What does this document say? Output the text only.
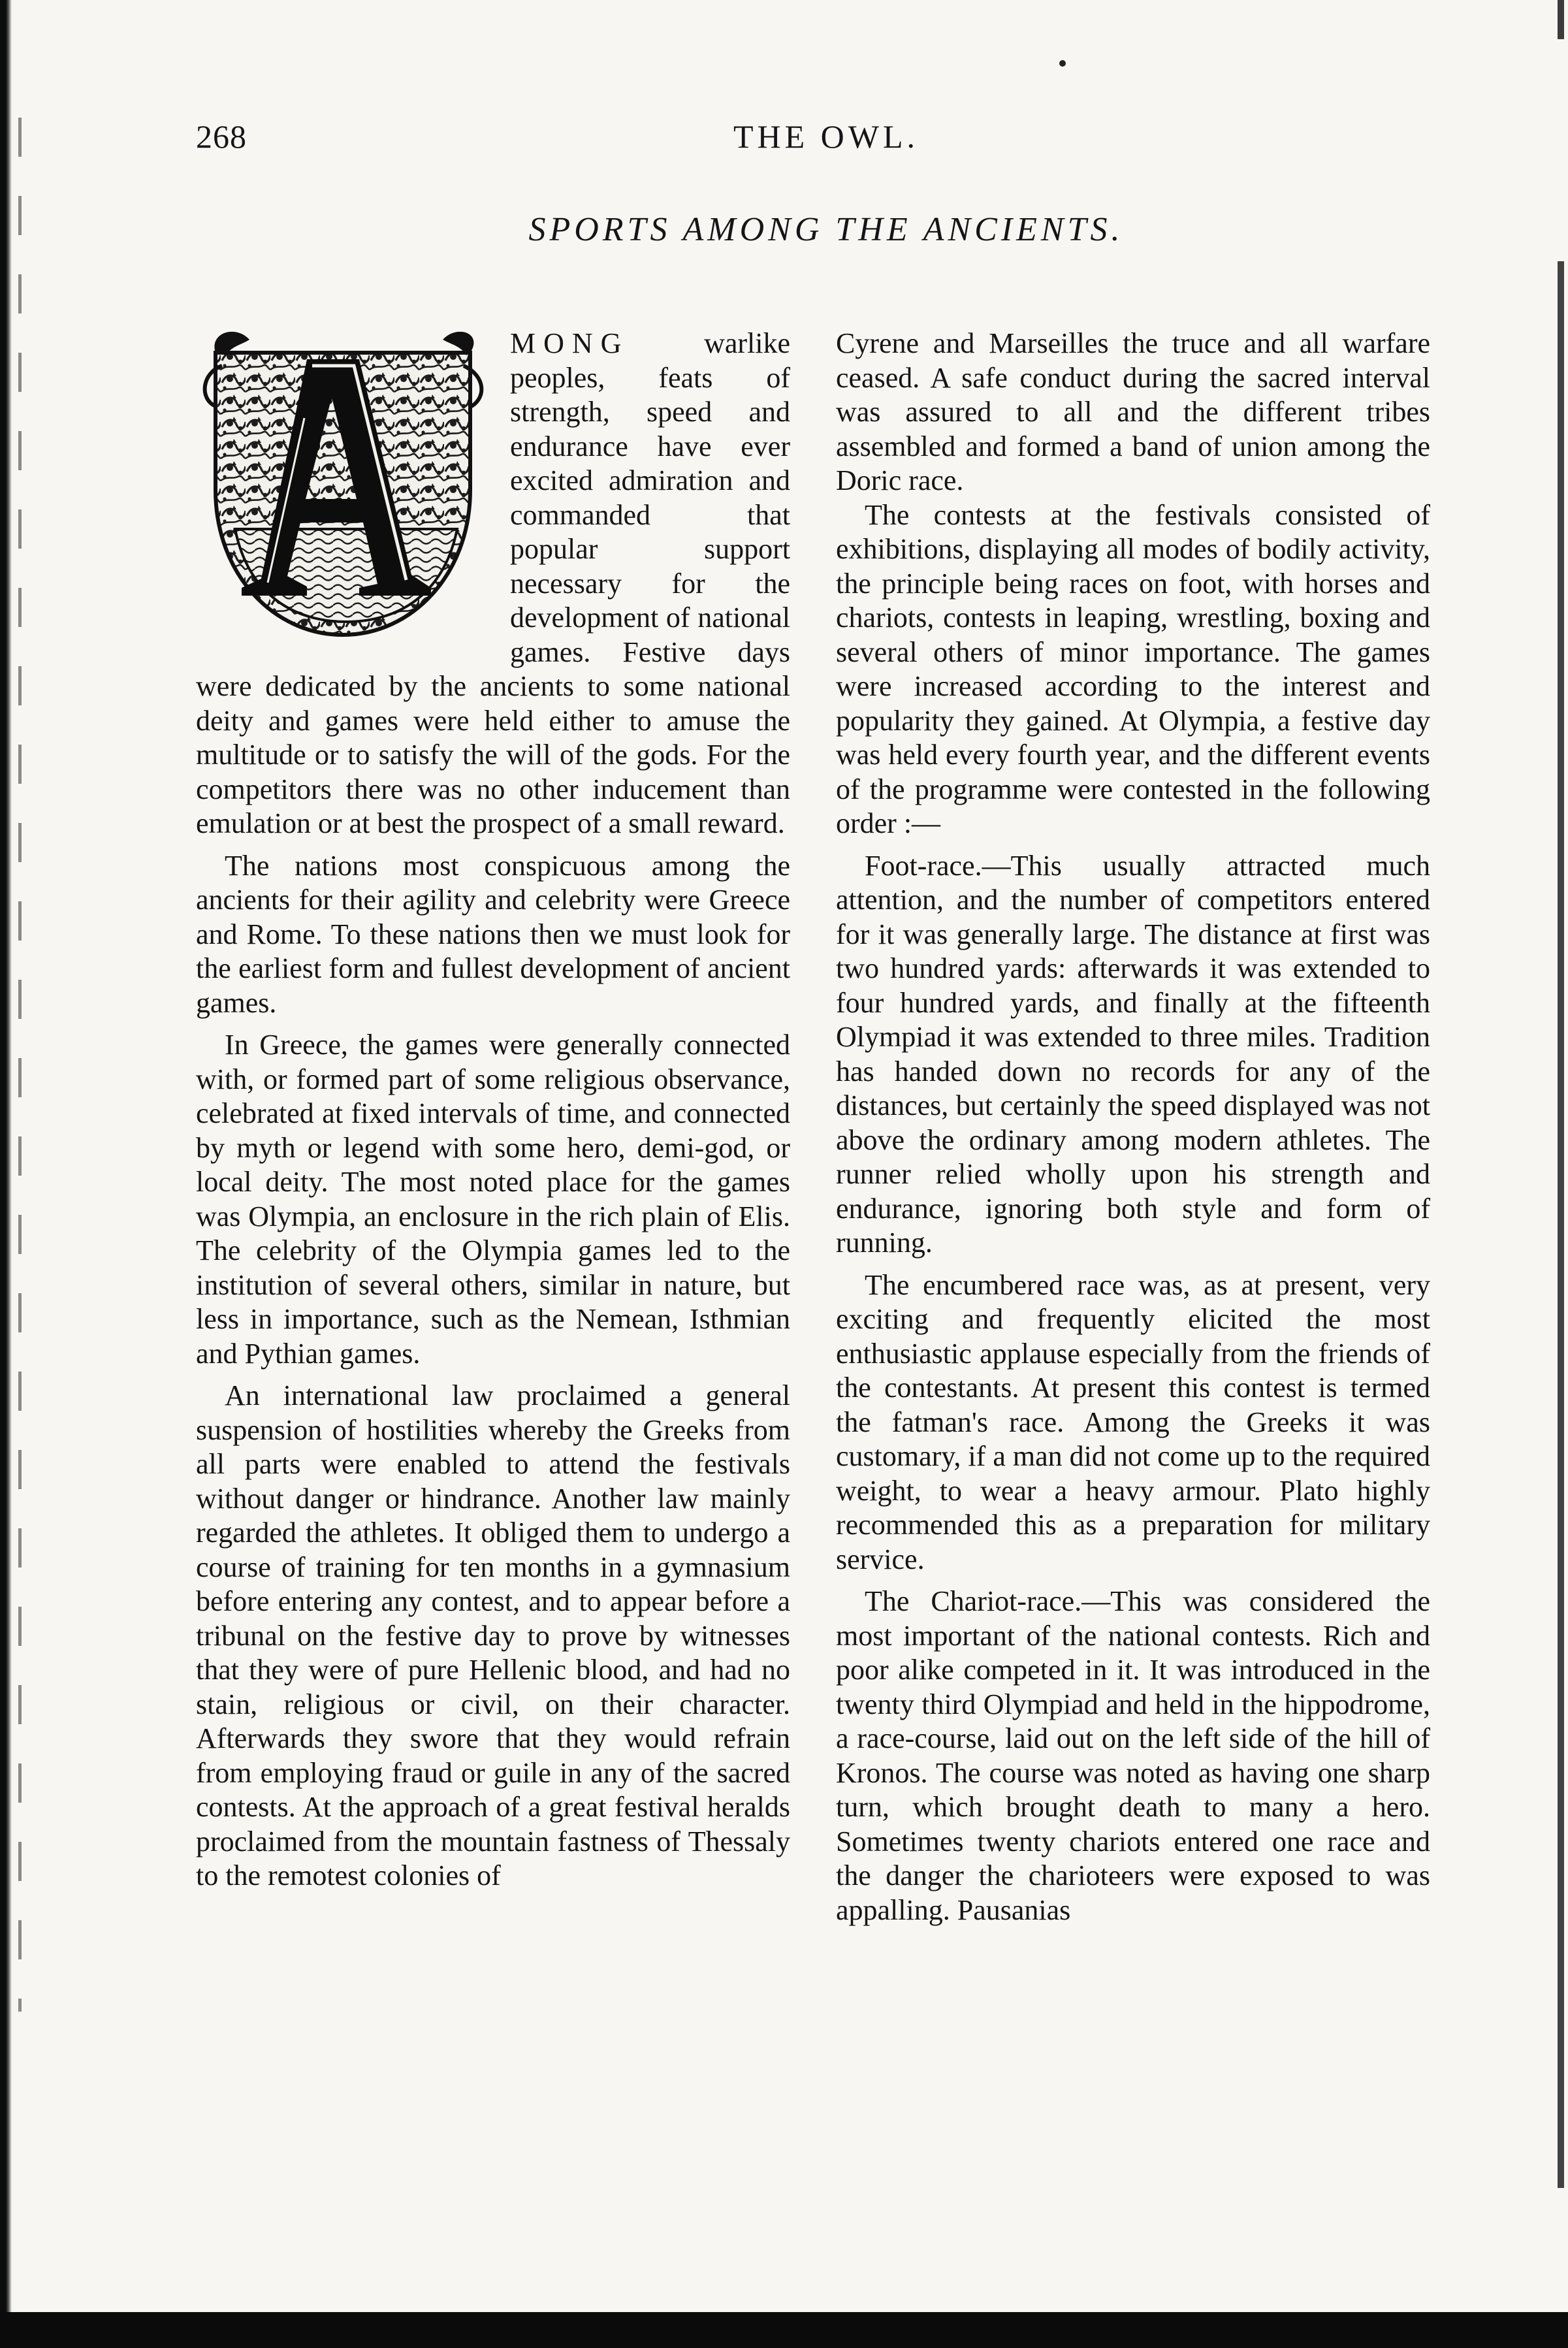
268	THE OWL.
SPORTS AMONG THE ANCIENTS.

MONG warlike peoples, feats of strength, speed and endurance have ever excited admiration and commanded that popular support necessary for the development of national games. Festive days were dedicated by the ancients to some national deity and games were held either to amuse the multitude or to satisfy the will of the gods. For the competitors there was no other inducement than emulation or at best the prospect of a small reward.

The nations most conspicuous among the ancients for their agility and celebrity were Greece and Rome. To these nations then we must look for the earliest form and fullest development of ancient games.

In Greece, the games were generally connected with, or formed part of some religious observance, celebrated at fixed intervals of time, and connected by myth or legend with some hero, demi-god, or local deity. The most noted place for the games was Olympia, an enclosure in the rich plain of Elis. The celebrity of the Olympia games led to the institution of several others, similar in nature, but less in importance, such as the Nemean, Isthmian and Pythian games.

An international law proclaimed a general suspension of hostilities whereby the Greeks from all parts were enabled to attend the festivals without danger or hindrance. Another law mainly regarded the athletes. It obliged them to undergo a course of training for ten months in a gymnasium before entering any contest, and to appear before a tribunal on the festive day to prove by witnesses that they were of pure Hellenic blood, and had no stain, religious or civil, on their character. Afterwards they swore that they would refrain from employing fraud or guile in any of the sacred contests. At the approach of a great festival heralds proclaimed from the mountain fastness of Thessaly to the remotest colonies of

Cyrene and Marseilles the truce and all warfare ceased. A safe conduct during the sacred interval was assured to all and the different tribes assembled and formed a band of union among the Doric race.

The contests at the festivals consisted of exhibitions, displaying all modes of bodily activity, the principle being races on foot, with horses and chariots, contests in leaping, wrestling, boxing and several others of minor importance. The games were increased according to the interest and popularity they gained. At Olympia, a festive day was held every fourth year, and the different events of the programme were contested in the following order :—

Foot-race.—This usually attracted much attention, and the number of competitors entered for it was generally large. The distance at first was two hundred yards: afterwards it was extended to four hundred yards, and finally at the fifteenth Olympiad it was extended to three miles. Tradition has handed down no records for any of the distances, but certainly the speed displayed was not above the ordinary among modern athletes. The runner relied wholly upon his strength and endurance, ignoring both style and form of running.

The encumbered race was, as at present, very exciting and frequently elicited the most enthusiastic applause especially from the friends of the contestants. At present this contest is termed the fatman's race. Among the Greeks it was customary, if a man did not come up to the required weight, to wear a heavy armour. Plato highly recommended this as a preparation for military service.

The Chariot-race.—This was considered the most important of the national contests. Rich and poor alike competed in it. It was introduced in the twenty third Olympiad and held in the hippodrome, a race-course, laid out on the left side of the hill of Kronos. The course was noted as having one sharp turn, which brought death to many a hero. Sometimes twenty chariots entered one race and the danger the charioteers were exposed to was appalling. Pausanias
